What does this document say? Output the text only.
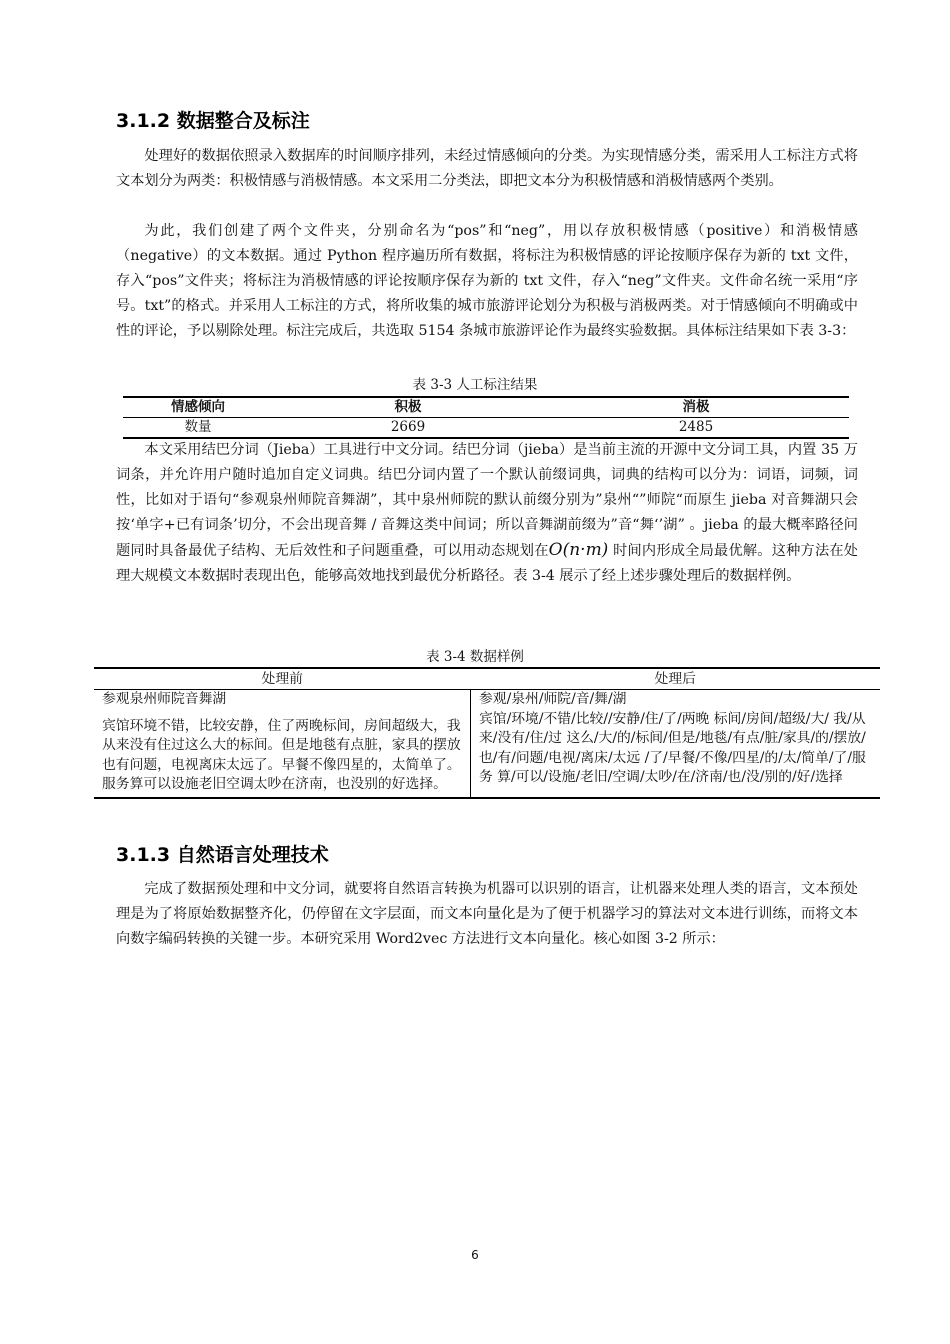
3.1.2 数据整合及标注

处理好的数据依照录入数据库的时间顺序排列，未经过情感倾向的分类。为实现情感分类，需采用人工标注方式将文本划分为两类：积极情感与消极情感。本文采用二分类法，即把文本分为积极情感和消极情感两个类别。

为此，我们创建了两个文件夹，分别命名为“pos”和“neg”，用以存放积极情感（positive）和消极情感（negative）的文本数据。通过 Python 程序遍历所有数据，将标注为积极情感的评论按顺序保存为新的 txt 文件，存入“pos”文件夹；将标注为消极情感的评论按顺序保存为新的 txt 文件，存入“neg”文件夹。文件命名统一采用“序号。txt”的格式。并采用人工标注的方式，将所收集的城市旅游评论划分为积极与消极两类。对于情感倾向不明确或中性的评论，予以剔除处理。标注完成后，共选取 5154 条城市旅游评论作为最终实验数据。具体标注结果如下表 3-3：

表 3-3 人工标注结果
情感倾向	积极	消极
数量	2669	2485

本文采用结巴分词（Jieba）工具进行中文分词。结巴分词（jieba）是当前主流的开源中文分词工具，内置 35 万词条，并允许用户随时追加自定义词典。结巴分词内置了一个默认前缀词典，词典的结构可以分为：词语，词频，词性，比如对于语句“参观泉州师院音舞湖”，其中泉州师院的默认前缀分别为”泉州“”师院“而原生 jieba 对音舞湖只会按‘单字+已有词条’切分，不会出现音舞 / 音舞这类中间词；所以音舞湖前缀为”音“舞‘’湖” 。jieba 的最大概率路径问题同时具备最优子结构、无后效性和子问题重叠，可以用动态规划在O(n·m) 时间内形成全局最优解。这种方法在处理大规模文本数据时表现出色，能够高效地找到最优分析路径。表 3-4 展示了经上述步骤处理后的数据样例。

表 3-4 数据样例
处理前	处理后
参观泉州师院音舞湖	参观/泉州/师院/音/舞/湖
宾馆环境不错，比较安静，住了两晚标间，房间超级大，我从来没有住过这么大的标间。但是地毯有点脏，家具的摆放也有问题，电视离床太远了。早餐不像四星的，太简单了。服务算可以设施老旧空调太吵在济南，也没别的好选择。	宾馆/环境/不错/比较//安静/住/了/两晚 标间/房间/超级/大/ 我/从来/没有/住/过 这么/大/的/标间/但是/地毯/有点/脏/家具/的/摆放/也/有/问题/电视/离床/太远 /了/早餐/不像/四星/的/太/简单/了/服务 算/可以/设施/老旧/空调/太吵/在/济南/也/没/别的/好/选择
3.1.3 自然语言处理技术

完成了数据预处理和中文分词，就要将自然语言转换为机器可以识别的语言，让机器来处理人类的语言，文本预处理是为了将原始数据整齐化，仍停留在文字层面，而文本向量化是为了便于机器学习的算法对文本进行训练，而将文本向数字编码转换的关键一步。本研究采用 Word2vec 方法进行文本向量化。核心如图 3-2 所示：

6
